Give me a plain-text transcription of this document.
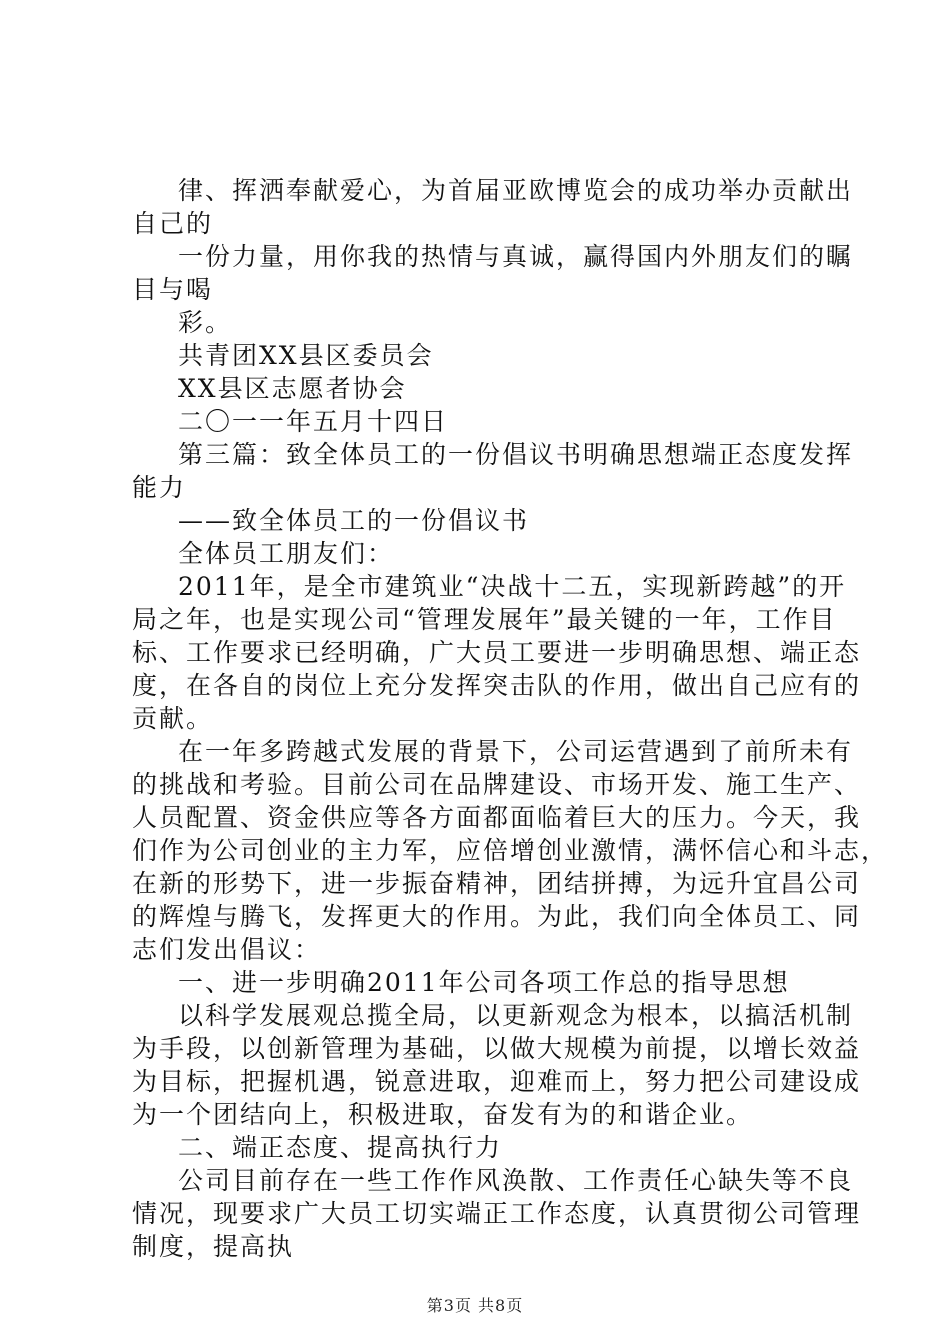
律、挥洒奉献爱心，为首届亚欧博览会的成功举办贡献出
自己的
一份力量，用你我的热情与真诚，赢得国内外朋友们的瞩
目与喝
彩。
共青团XX县区委员会
XX县区志愿者协会
二〇一一年五月十四日
第三篇：致全体员工的一份倡议书明确思想端正态度发挥
能力
——致全体员工的一份倡议书
全体员工朋友们：
2011年，是全市建筑业“决战十二五，实现新跨越”的开
局之年，也是实现公司“管理发展年”最关键的一年，工作目
标、工作要求已经明确，广大员工要进一步明确思想、端正态
度，在各自的岗位上充分发挥突击队的作用，做出自己应有的
贡献。
在一年多跨越式发展的背景下，公司运营遇到了前所未有
的挑战和考验。目前公司在品牌建设、市场开发、施工生产、
人员配置、资金供应等各方面都面临着巨大的压力。今天，我
们作为公司创业的主力军，应倍增创业激情，满怀信心和斗志，
在新的形势下，进一步振奋精神，团结拼搏，为远升宜昌公司
的辉煌与腾飞，发挥更大的作用。为此，我们向全体员工、同
志们发出倡议：
一、进一步明确2011年公司各项工作总的指导思想
以科学发展观总揽全局，以更新观念为根本，以搞活机制
为手段，以创新管理为基础，以做大规模为前提，以增长效益
为目标，把握机遇，锐意进取，迎难而上，努力把公司建设成
为一个团结向上，积极进取，奋发有为的和谐企业。
二、端正态度、提高执行力
公司目前存在一些工作作风涣散、工作责任心缺失等不良
情况，现要求广大员工切实端正工作态度，认真贯彻公司管理
制度，提高执
第3页 共8页
